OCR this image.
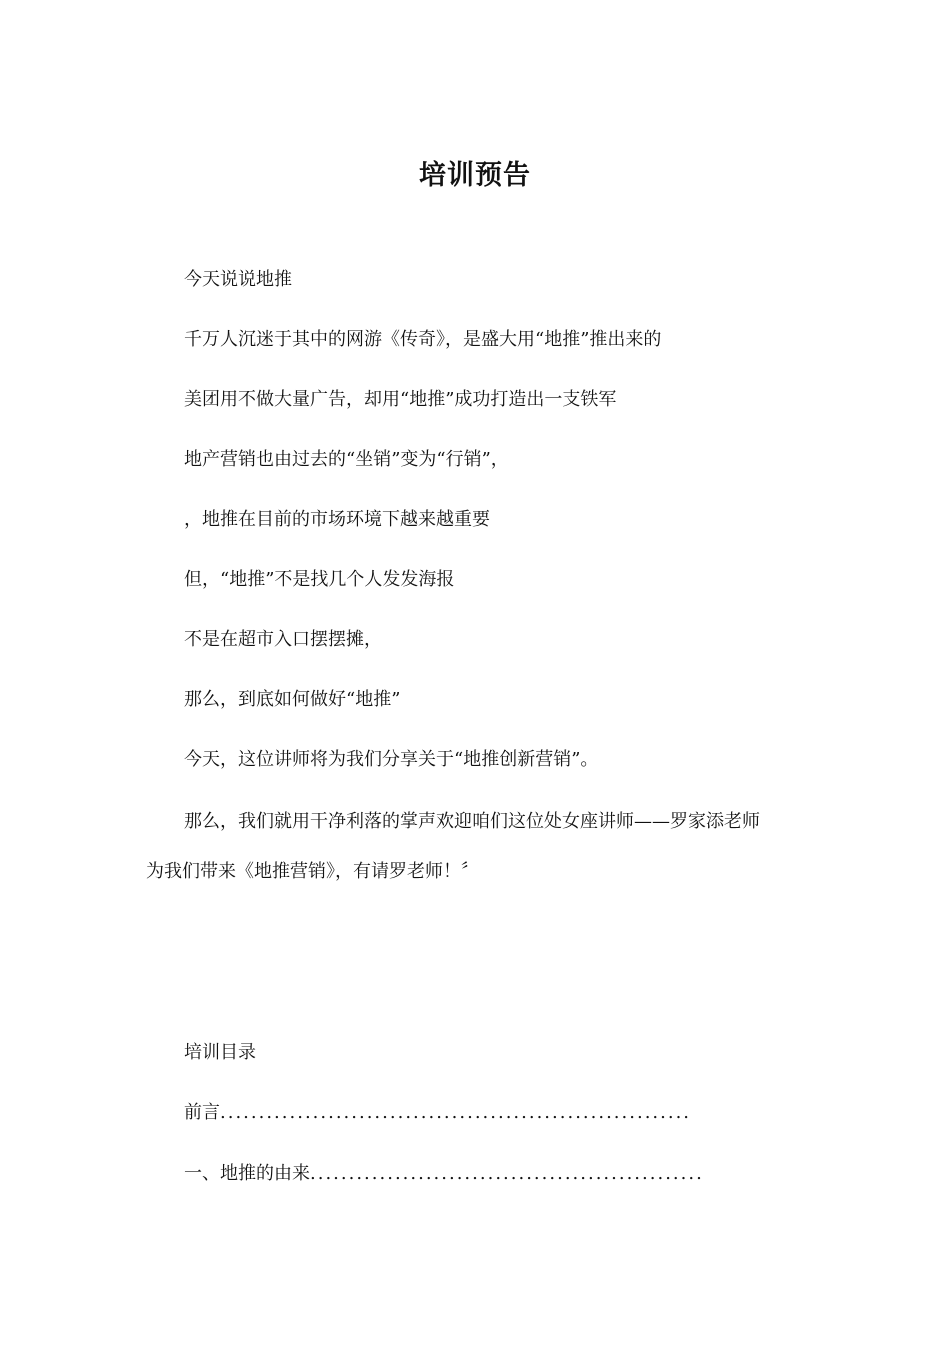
培训预告
今天说说地推
千万人沉迷于其中的网游《传奇》，是盛大用“地推”推出来的
美团用不做大量广告，却用“地推”成功打造出一支铁军
地产营销也由过去的“坐销”变为“行销”，
，地推在目前的市场环境下越来越重要
但，“地推”不是找几个人发发海报
不是在超市入口摆摆摊，
那么，到底如何做好“地推”
今天，这位讲师将为我们分享关于“地推创新营销”。
那么，我们就用干净利落的掌声欢迎咱们这位处女座讲师——罗家添老师
为我们带来《地推营销》，有请罗老师！〞
培训目录
前言.............................................................
一、地推的由来...................................................
